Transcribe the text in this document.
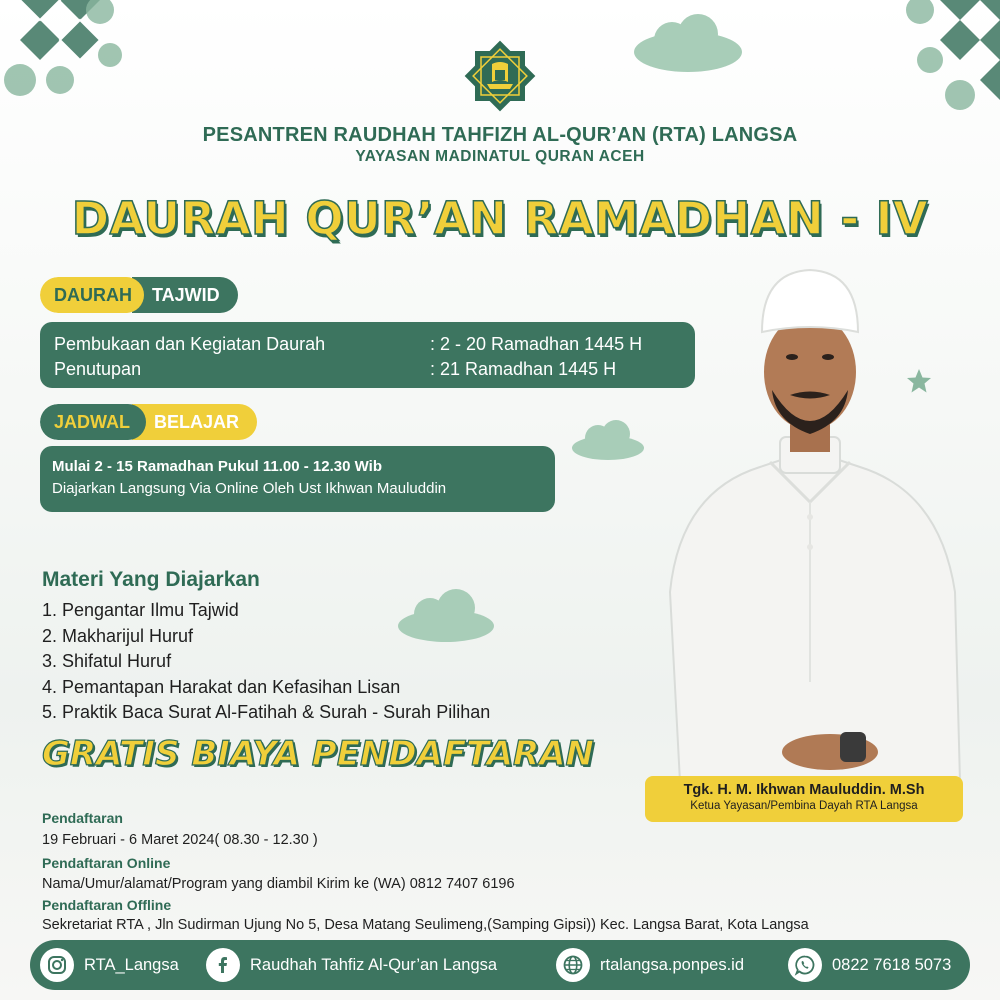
PESANTREN RAUDHAH TAHFIZH AL-QUR’AN (RTA) LANGSA
YAYASAN MADINATUL QURAN ACEH
DAURAH QUR’AN RAMADHAN - IV
DAURAH	TAJWID
Pembukaan dan Kegiatan Daurah	: 2 - 20 Ramadhan 1445 H
Penutupan	: 21 Ramadhan 1445 H
JADWAL	BELAJAR
Mulai 2 - 15 Ramadhan Pukul 11.00 - 12.30 Wib
Diajarkan Langsung Via Online Oleh Ust Ikhwan Mauluddin
Materi Yang Diajarkan
1. Pengantar Ilmu Tajwid
2. Makharijul Huruf
3. Shifatul Huruf
4. Pemantapan Harakat dan Kefasihan Lisan
5. Praktik Baca Surat Al-Fatihah & Surah - Surah Pilihan
GRATIS BIAYA PENDAFTARAN
Tgk. H. M. Ikhwan Mauluddin. M.Sh
Ketua Yayasan/Pembina Dayah RTA Langsa
Pendaftaran
19 Februari - 6 Maret 2024( 08.30 - 12.30 )
Pendaftaran Online
Nama/Umur/alamat/Program yang diambil Kirim ke (WA) 0812 7407 6196
Pendaftaran Offline
Sekretariat RTA , Jln Sudirman Ujung No 5, Desa Matang Seulimeng,(Samping Gipsi)) Kec. Langsa Barat, Kota Langsa
RTA_Langsa	Raudhah Tahfiz Al-Qur’an Langsa	rtalangsa.ponpes.id	0822 7618 5073
